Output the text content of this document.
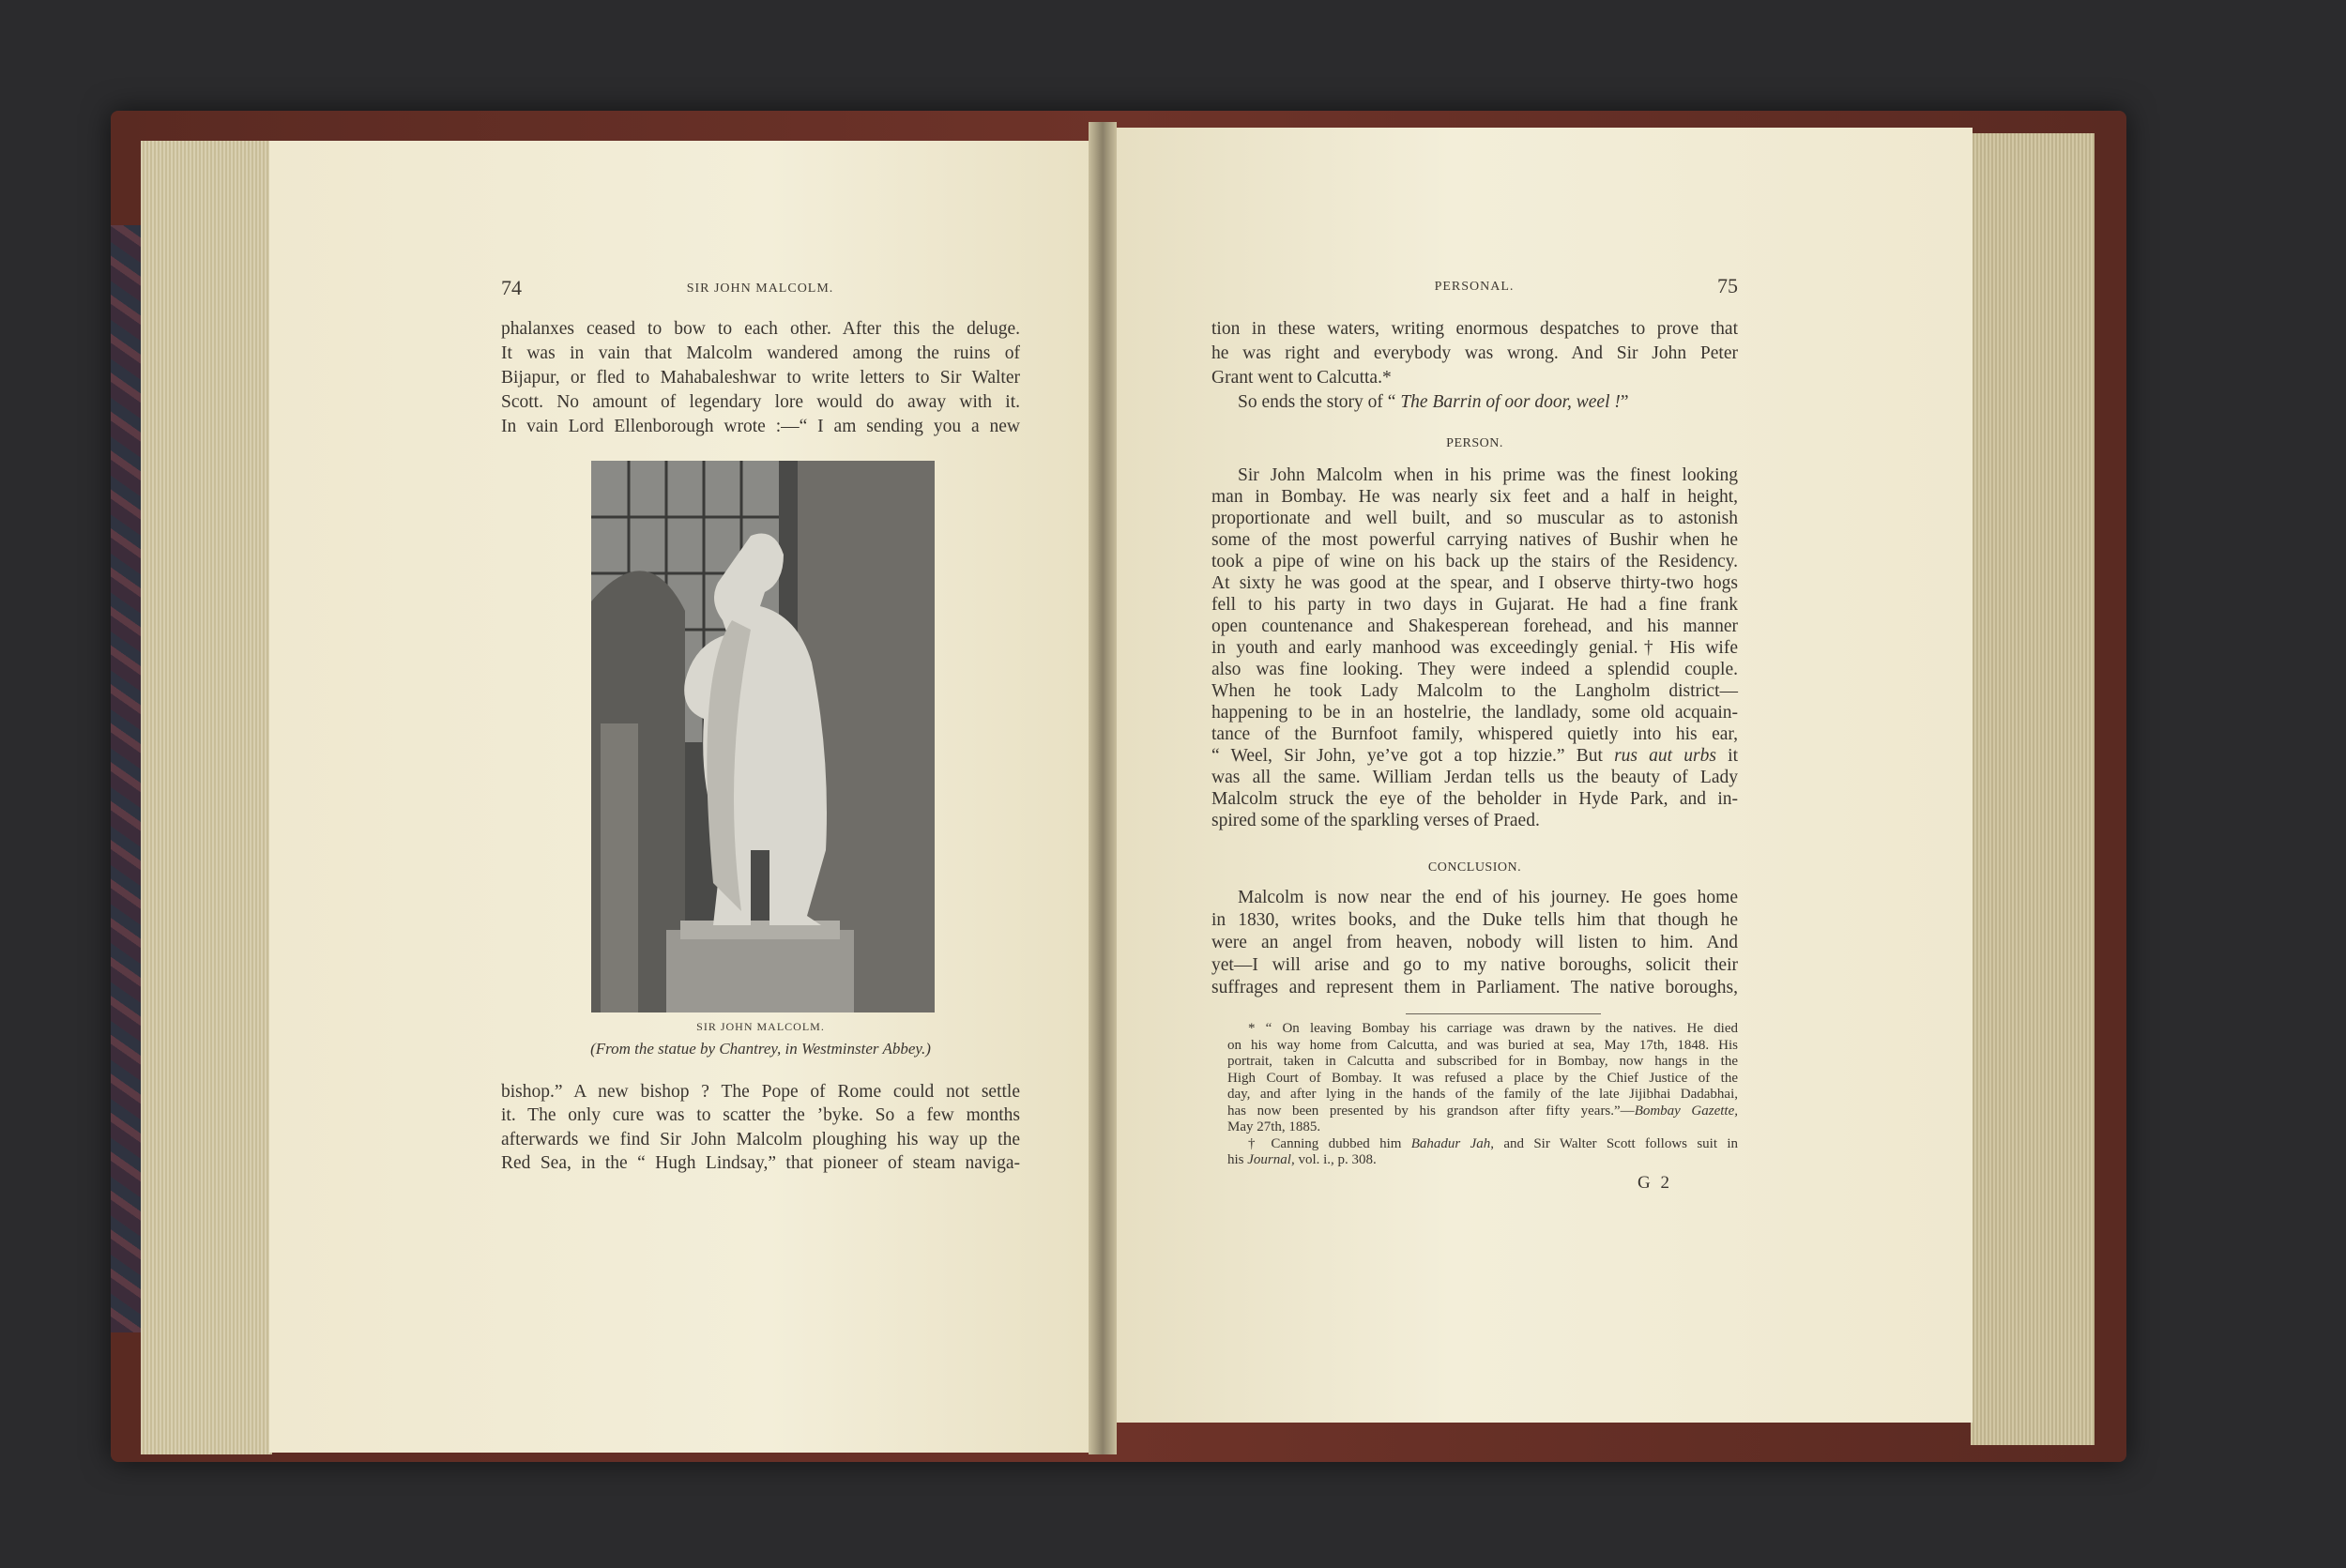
74	SIR JOHN MALCOLM.
phalanxes ceased to bow to each other. After this the deluge.
It was in vain that Malcolm wandered among the ruins of
Bijapur, or fled to Mahabaleshwar to write letters to Sir Walter
Scott. No amount of legendary lore would do away with it.
In vain Lord Ellenborough wrote :—“ I am sending you a new
SIR JOHN MALCOLM.
(From the statue by Chantrey, in Westminster Abbey.)
bishop.” A new bishop ? The Pope of Rome could not settle
it. The only cure was to scatter the ’byke. So a few months
afterwards we find Sir John Malcolm ploughing his way up the
Red Sea, in the “ Hugh Lindsay,” that pioneer of steam naviga-
PERSONAL.	75
tion in these waters, writing enormous despatches to prove that
he was right and everybody was wrong. And Sir John Peter
Grant went to Calcutta.*
So ends the story of “ The Barrin of oor door, weel !”
PERSON.
Sir John Malcolm when in his prime was the finest looking
man in Bombay. He was nearly six feet and a half in height,
proportionate and well built, and so muscular as to astonish
some of the most powerful carrying natives of Bushir when he
took a pipe of wine on his back up the stairs of the Residency.
At sixty he was good at the spear, and I observe thirty-two hogs
fell to his party in two days in Gujarat. He had a fine frank
open countenance and Shakesperean forehead, and his manner
in youth and early manhood was exceedingly genial.† His wife
also was fine looking. They were indeed a splendid couple.
When he took Lady Malcolm to the Langholm district—
happening to be in an hostelrie, the landlady, some old acquain-
tance of the Burnfoot family, whispered quietly into his ear,
“ Weel, Sir John, ye’ve got a top hizzie.” But rus aut urbs it
was all the same. William Jerdan tells us the beauty of Lady
Malcolm struck the eye of the beholder in Hyde Park, and in-
spired some of the sparkling verses of Praed.
CONCLUSION.
Malcolm is now near the end of his journey. He goes home
in 1830, writes books, and the Duke tells him that though he
were an angel from heaven, nobody will listen to him. And
yet—I will arise and go to my native boroughs, solicit their
suffrages and represent them in Parliament. The native boroughs,
* “ On leaving Bombay his carriage was drawn by the natives. He died
on his way home from Calcutta, and was buried at sea, May 17th, 1848. His
portrait, taken in Calcutta and subscribed for in Bombay, now hangs in the
High Court of Bombay. It was refused a place by the Chief Justice of the
day, and after lying in the hands of the family of the late Jijibhai Dadabhai,
has now been presented by his grandson after fifty years.”—Bombay Gazette,
May 27th, 1885.
† Canning dubbed him Bahadur Jah, and Sir Walter Scott follows suit in
his Journal, vol. i., p. 308.
G 2
